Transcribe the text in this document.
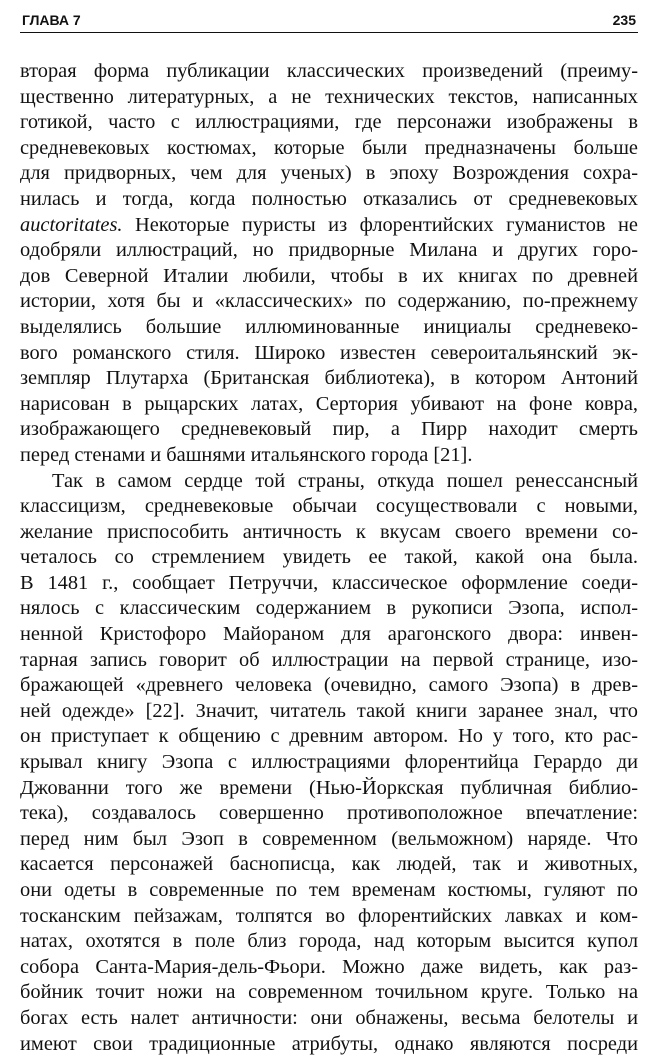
ГЛАВА 7	235
вторая форма публикации классических произведений (преиму-
щественно литературных, а не технических текстов, написанных
готикой, часто с иллюстрациями, где персонажи изображены в
средневековых костюмах, которые были предназначены больше
для придворных, чем для ученых) в эпоху Возрождения сохра-
нилась и тогда, когда полностью отказались от средневековых
auctoritates. Некоторые пуристы из флорентийских гуманистов не
одобряли иллюстраций, но придворные Милана и других горо-
дов Северной Италии любили, чтобы в их книгах по древней
истории, хотя бы и «классических» по содержанию, по-прежнему
выделялись большие иллюминованные инициалы средневеко-
вого романского стиля. Широко известен североитальянский эк-
земпляр Плутарха (Британская библиотека), в котором Антоний
нарисован в рыцарских латах, Сертория убивают на фоне ковра,
изображающего средневековый пир, а Пирр находит смерть
перед стенами и башнями итальянского города [21].
Так в самом сердце той страны, откуда пошел ренессансный
классицизм, средневековые обычаи сосуществовали с новыми,
желание приспособить античность к вкусам своего времени со-
четалось со стремлением увидеть ее такой, какой она была.
В 1481 г., сообщает Петруччи, классическое оформление соеди-
нялось с классическим содержанием в рукописи Эзопа, испол-
ненной Кристофоро Майораном для арагонского двора: инвен-
тарная запись говорит об иллюстрации на первой странице, изо-
бражающей «древнего человека (очевидно, самого Эзопа) в древ-
ней одежде» [22]. Значит, читатель такой книги заранее знал, что
он приступает к общению с древним автором. Но у того, кто рас-
крывал книгу Эзопа с иллюстрациями флорентийца Герардо ди
Джованни того же времени (Нью-Йоркская публичная библио-
тека), создавалось совершенно противоположное впечатление:
перед ним был Эзоп в современном (вельможном) наряде. Что
касается персонажей баснописца, как людей, так и животных,
они одеты в современные по тем временам костюмы, гуляют по
тосканским пейзажам, толпятся во флорентийских лавках и ком-
натах, охотятся в поле близ города, над которым высится купол
собора Санта-Мария-дель-Фьори. Можно даже видеть, как раз-
бойник точит ножи на современном точильном круге. Только на
богах есть налет античности: они обнажены, весьма белотелы и
имеют свои традиционные атрибуты, однако являются посреди
